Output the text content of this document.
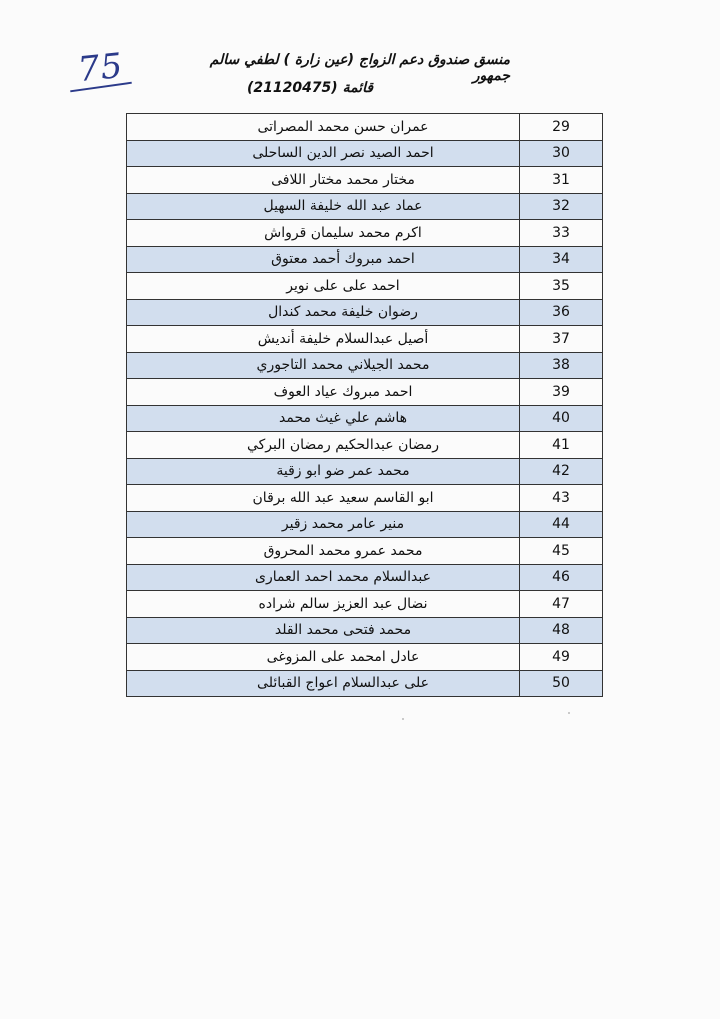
75	منسق صندوق دعم الزواج (عين زارة ) لطفي سالم جمهور
قائمة (21120475)
عمران حسن محمد المصراتى	29
احمد الصيد نصر الدين الساحلى	30
مختار محمد مختار اللافى	31
عماد عبد الله خليفة السهيل	32
اكرم محمد سليمان قرواش	33
احمد مبروك أحمد معتوق	34
احمد على على نوير	35
رضوان خليفة محمد كندال	36
أصيل عبدالسلام خليفة أنديش	37
محمد الجيلاني محمد التاجوري	38
احمد مبروك عياد العوف	39
هاشم علي غيث محمد	40
رمضان عبدالحكيم رمضان البركي	41
محمد عمر ضو ابو زقية	42
ابو القاسم سعيد عبد الله برقان	43
منير عامر محمد زقير	44
محمد عمرو محمد المحروق	45
عبدالسلام محمد احمد العمارى	46
نضال عبد العزيز سالم شراده	47
محمد فتحى محمد القلد	48
عادل امحمد على المزوغى	49
على عبدالسلام اعواج القبائلى	50
